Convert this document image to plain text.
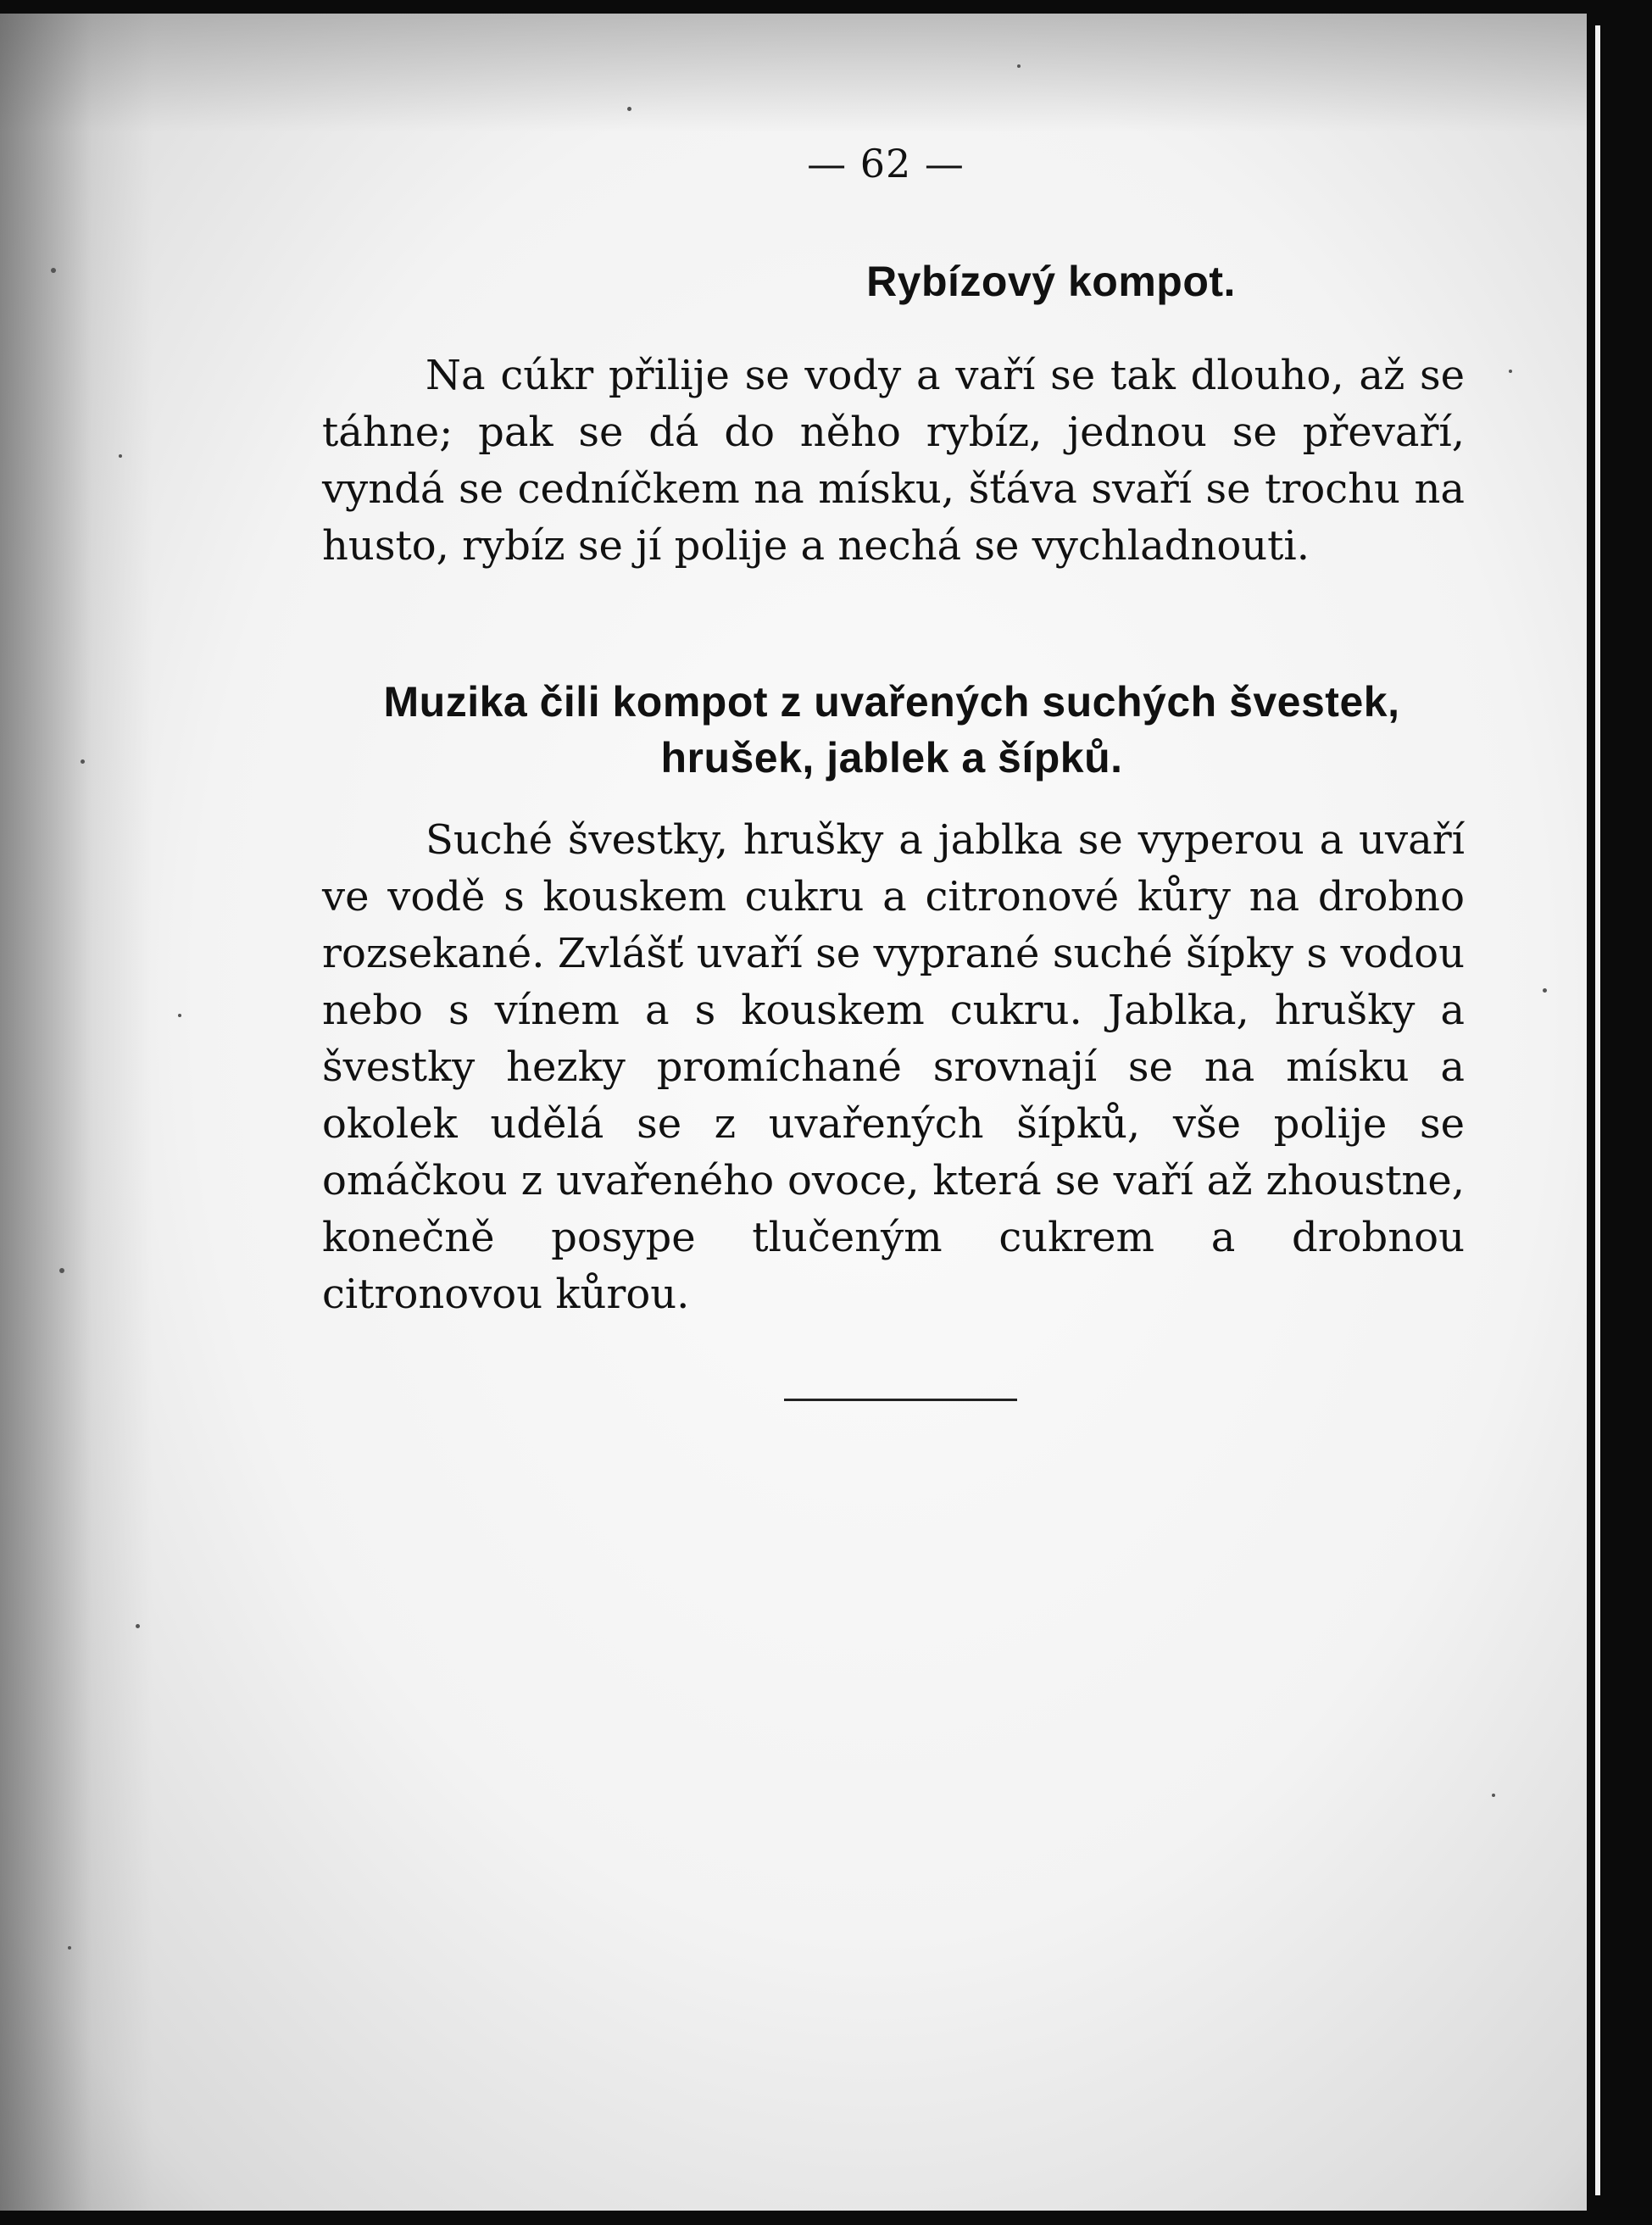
— 62 —
Rybízový kompot.
Na cúkr přilije se vody a vaří se tak dlouho, až se táhne; pak se dá do něho rybíz, jednou se převaří, vyndá se cedníčkem na mísku, šťáva svaří se trochu na husto, rybíz se jí polije a nechá se vychladnouti.
Muzika čili kompot z uvařených suchých švestek, hrušek, jablek a šípků.
Suché švestky, hrušky a jablka se vyperou a uvaří ve vodě s kouskem cukru a citronové kůry na drobno rozsekané. Zvlášť uvaří se vyprané suché šípky s vodou nebo s vínem a s kouskem cukru. Jablka, hrušky a švestky hezky promíchané srovnají se na mísku a okolek udělá se z uvařených šípků, vše polije se omáčkou z uvařeného ovoce, která se vaří až zhoustne, konečně posype tlučeným cukrem a drobnou citronovou kůrou.
